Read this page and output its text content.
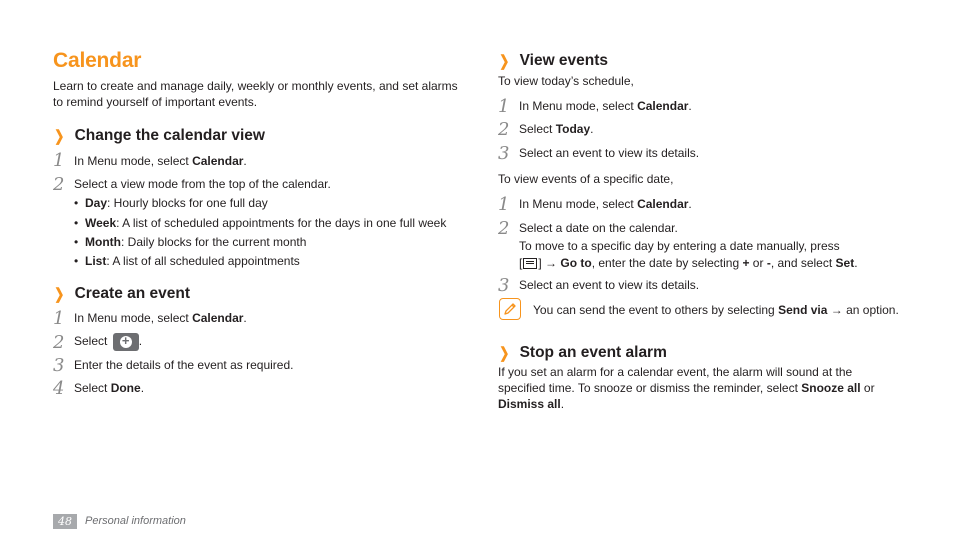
Calendar
Learn to create and manage daily, weekly or monthly events, and set alarms to remind yourself of important events.
❯ Change the calendar view
1 In Menu mode, select Calendar.
2 Select a view mode from the top of the calendar.
• Day: Hourly blocks for one full day
• Week: A list of scheduled appointments for the days in one full week
• Month: Daily blocks for the current month
• List: A list of all scheduled appointments
❯ Create an event
1 In Menu mode, select Calendar.
2 Select +.
3 Enter the details of the event as required.
4 Select Done.
❯ View events
To view today’s schedule,
1 In Menu mode, select Calendar.
2 Select Today.
3 Select an event to view its details.
To view events of a specific date,
1 In Menu mode, select Calendar.
2 Select a date on the calendar.
To move to a specific day by entering a date manually, press
[ ] → Go to, enter the date by selecting + or -, and select Set.
3 Select an event to view its details.
You can send the event to others by selecting Send via → an option.
❯ Stop an event alarm
If you set an alarm for a calendar event, the alarm will sound at the
specified time. To snooze or dismiss the reminder, select Snooze all or
Dismiss all.
48	Personal information
